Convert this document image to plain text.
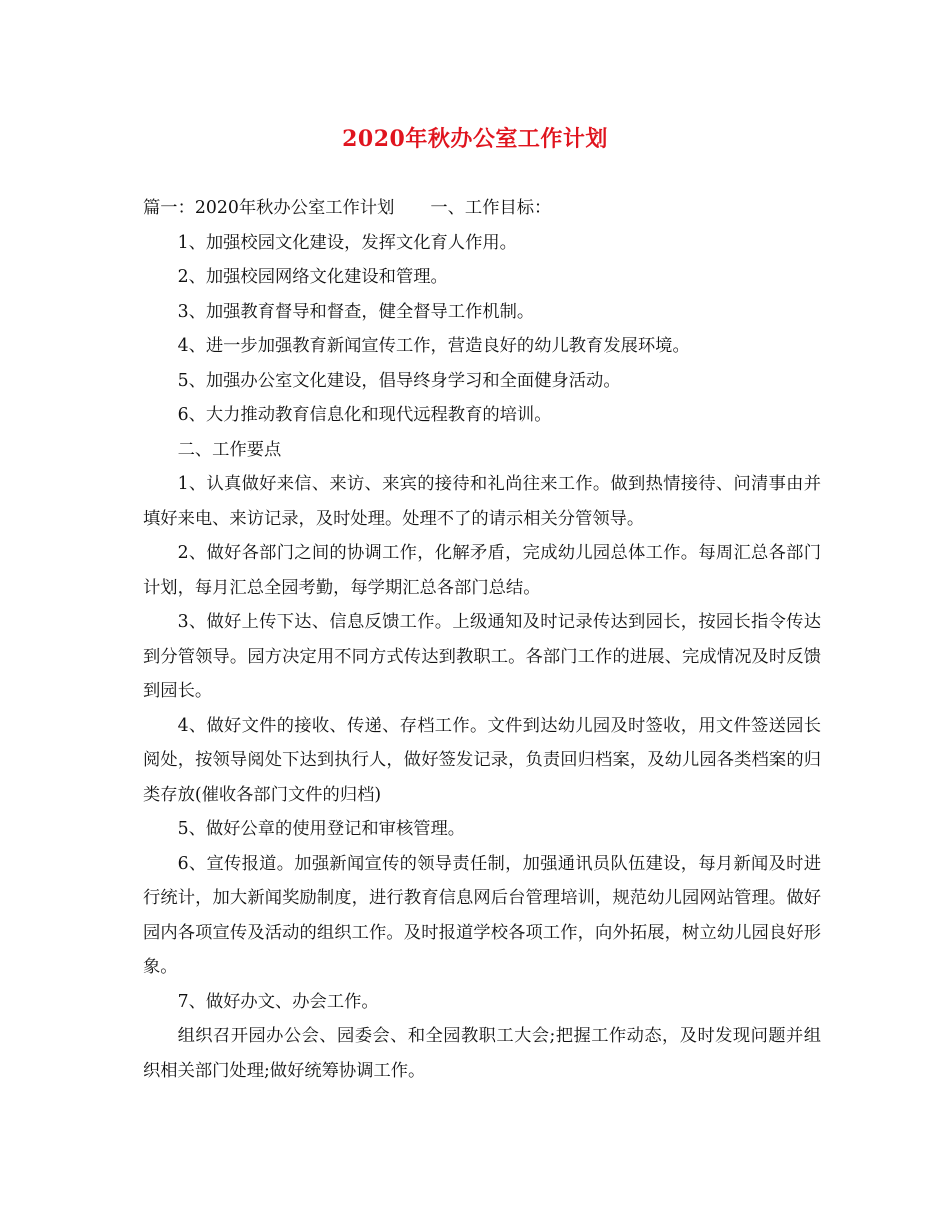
2020年秋办公室工作计划

篇一：2020年秋办公室工作计划 一、工作目标：

1、加强校园文化建设，发挥文化育人作用。

2、加强校园网络文化建设和管理。

3、加强教育督导和督查，健全督导工作机制。

4、进一步加强教育新闻宣传工作，营造良好的幼儿教育发展环境。

5、加强办公室文化建设，倡导终身学习和全面健身活动。

6、大力推动教育信息化和现代远程教育的培训。

二、工作要点

1、认真做好来信、来访、来宾的接待和礼尚往来工作。做到热情接待、问清事由并填好来电、来访记录，及时处理。处理不了的请示相关分管领导。

2、做好各部门之间的协调工作，化解矛盾，完成幼儿园总体工作。每周汇总各部门计划，每月汇总全园考勤，每学期汇总各部门总结。

3、做好上传下达、信息反馈工作。上级通知及时记录传达到园长，按园长指令传达到分管领导。园方决定用不同方式传达到教职工。各部门工作的进展、完成情况及时反馈到园长。

4、做好文件的接收、传递、存档工作。文件到达幼儿园及时签收，用文件签送园长阅处，按领导阅处下达到执行人，做好签发记录，负责回归档案，及幼儿园各类档案的归类存放(催收各部门文件的归档)

5、做好公章的使用登记和审核管理。

6、宣传报道。加强新闻宣传的领导责任制，加强通讯员队伍建设，每月新闻及时进行统计，加大新闻奖励制度，进行教育信息网后台管理培训，规范幼儿园网站管理。做好园内各项宣传及活动的组织工作。及时报道学校各项工作，向外拓展，树立幼儿园良好形象。

7、做好办文、办会工作。

组织召开园办公会、园委会、和全园教职工大会;把握工作动态，及时发现问题并组织相关部门处理;做好统筹协调工作。
